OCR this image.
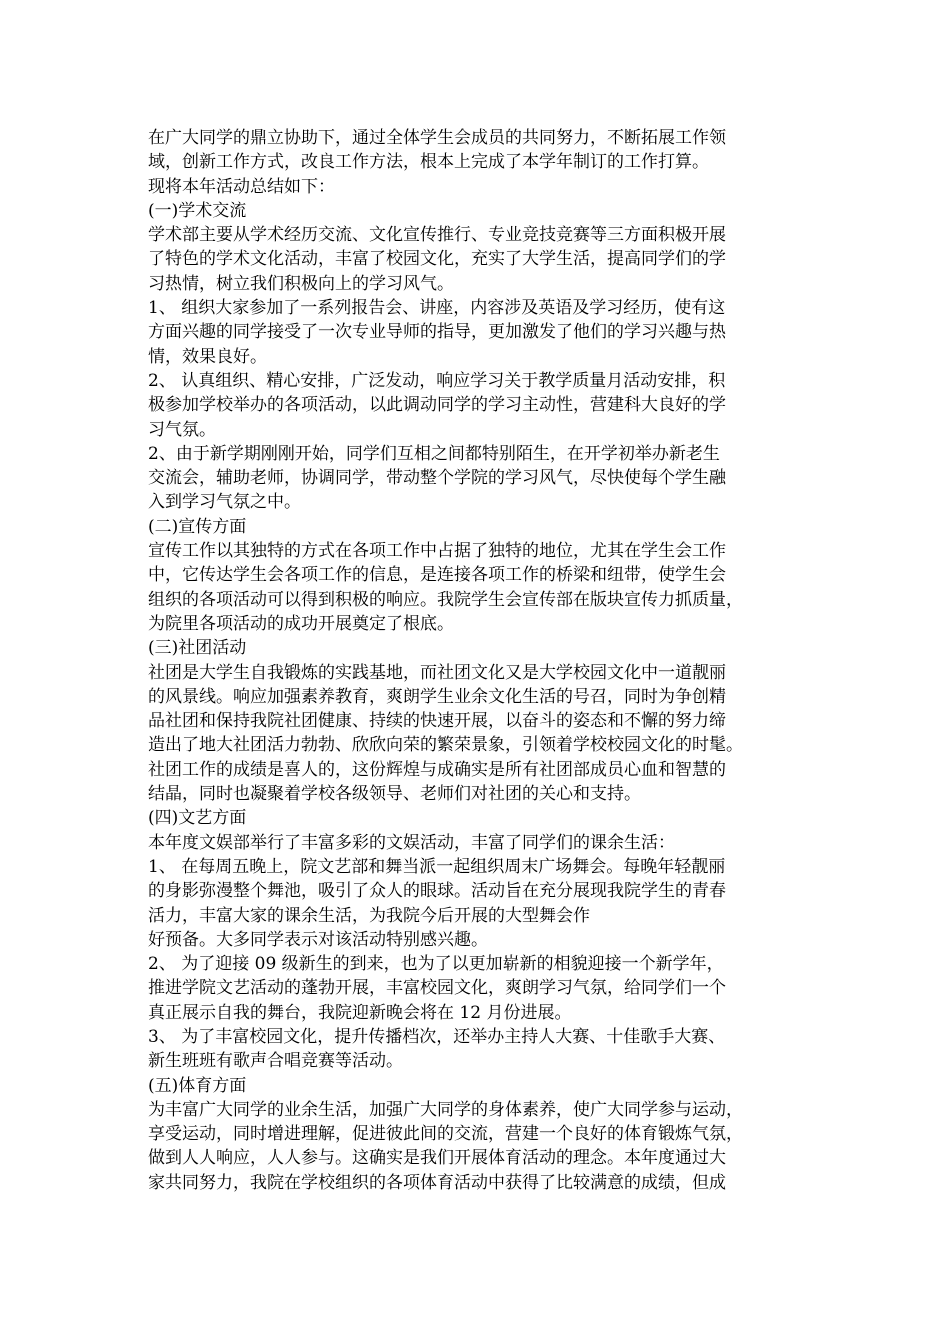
在广大同学的鼎立协助下，通过全体学生会成员的共同努力，不断拓展工作领
域，创新工作方式，改良工作方法，根本上完成了本学年制订的工作打算。
现将本年活动总结如下：
(一)学术交流
学术部主要从学术经历交流、文化宣传推行、专业竞技竞赛等三方面积极开展
了特色的学术文化活动，丰富了校园文化，充实了大学生活，提高同学们的学
习热情，树立我们积极向上的学习风气。
1、 组织大家参加了一系列报告会、讲座，内容涉及英语及学习经历，使有这
方面兴趣的同学接受了一次专业导师的指导，更加激发了他们的学习兴趣与热
情，效果良好。
2、 认真组织、精心安排，广泛发动，响应学习关于教学质量月活动安排，积
极参加学校举办的各项活动，以此调动同学的学习主动性，营建科大良好的学
习气氛。
2、由于新学期刚刚开始，同学们互相之间都特别陌生，在开学初举办新老生
交流会，辅助老师，协调同学，带动整个学院的学习风气，尽快使每个学生融
入到学习气氛之中。
(二)宣传方面
宣传工作以其独特的方式在各项工作中占据了独特的地位，尤其在学生会工作
中，它传达学生会各项工作的信息，是连接各项工作的桥梁和纽带，使学生会
组织的各项活动可以得到积极的响应。我院学生会宣传部在版块宣传力抓质量，
为院里各项活动的成功开展奠定了根底。
(三)社团活动
社团是大学生自我锻炼的实践基地，而社团文化又是大学校园文化中一道靓丽
的风景线。响应加强素养教育，爽朗学生业余文化生活的号召，同时为争创精
品社团和保持我院社团健康、持续的快速开展，以奋斗的姿态和不懈的努力缔
造出了地大社团活力勃勃、欣欣向荣的繁荣景象，引领着学校校园文化的时髦。
社团工作的成绩是喜人的，这份辉煌与成确实是所有社团部成员心血和智慧的
结晶，同时也凝聚着学校各级领导、老师们对社团的关心和支持。
(四)文艺方面
本年度文娱部举行了丰富多彩的文娱活动，丰富了同学们的课余生活：
1、 在每周五晚上，院文艺部和舞当派一起组织周末广场舞会。每晚年轻靓丽
的身影弥漫整个舞池，吸引了众人的眼球。活动旨在充分展现我院学生的青春
活力，丰富大家的课余生活，为我院今后开展的大型舞会作
好预备。大多同学表示对该活动特别感兴趣。
2、 为了迎接 09 级新生的到来，也为了以更加崭新的相貌迎接一个新学年，
推进学院文艺活动的蓬勃开展，丰富校园文化，爽朗学习气氛，给同学们一个
真正展示自我的舞台，我院迎新晚会将在 12 月份进展。
3、 为了丰富校园文化，提升传播档次，还举办主持人大赛、十佳歌手大赛、
新生班班有歌声合唱竞赛等活动。
(五)体育方面
为丰富广大同学的业余生活，加强广大同学的身体素养，使广大同学参与运动，
享受运动，同时增进理解，促进彼此间的交流，营建一个良好的体育锻炼气氛，
做到人人响应，人人参与。这确实是我们开展体育活动的理念。本年度通过大
家共同努力，我院在学校组织的各项体育活动中获得了比较满意的成绩，但成
